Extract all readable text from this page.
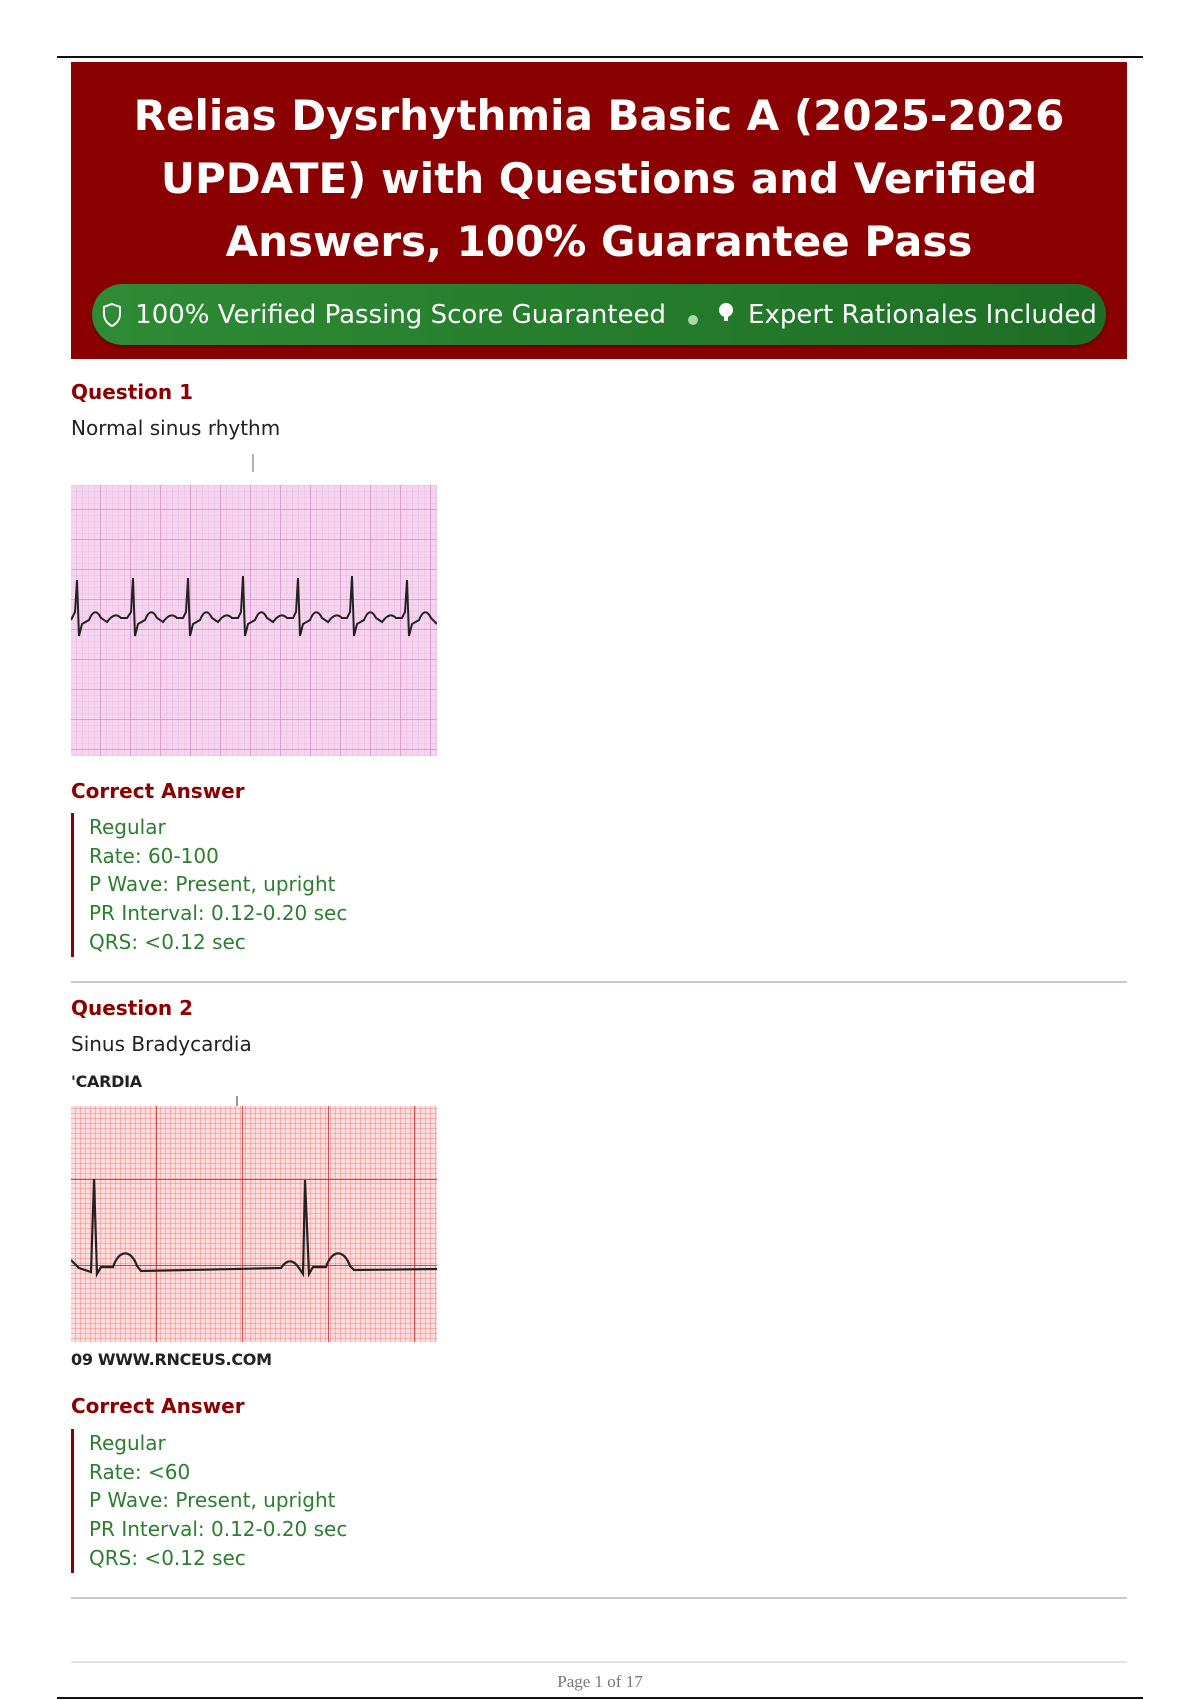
Relias Dysrhythmia Basic A (2025-2026 UPDATE) with Questions and Verified Answers, 100% Guarantee Pass
100% Verified Passing Score Guaranteed	Expert Rationales Included
Question 1
Normal sinus rhythm
Correct Answer
Regular
Rate: 60-100
P Wave: Present, upright
PR Interval: 0.12-0.20 sec
QRS: <0.12 sec
Question 2
Sinus Bradycardia
'CARDIA
09 WWW.RNCEUS.COM
Correct Answer
Regular
Rate: <60
P Wave: Present, upright
PR Interval: 0.12-0.20 sec
QRS: <0.12 sec
Page 1 of 17
